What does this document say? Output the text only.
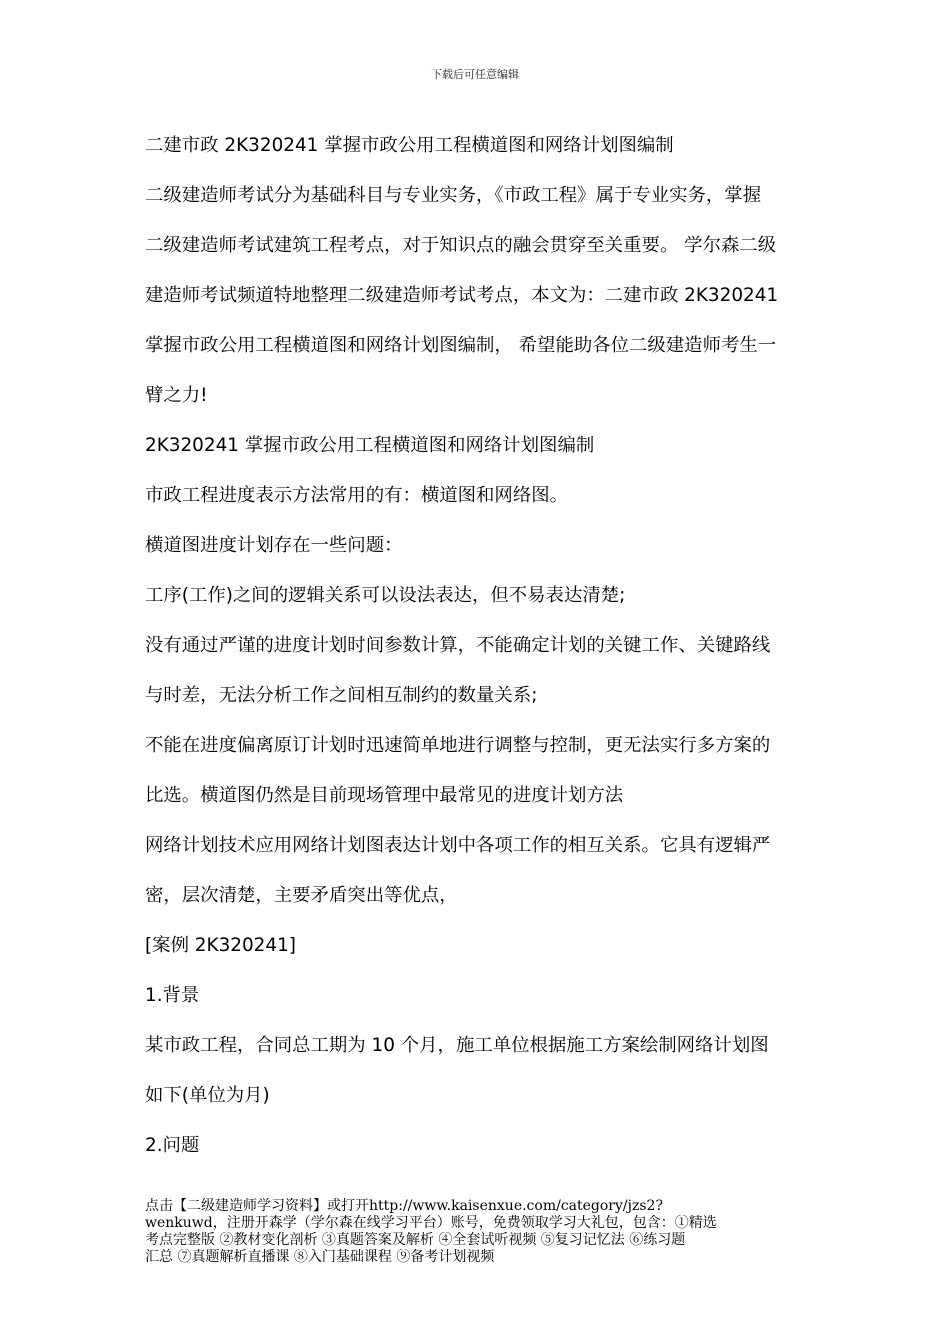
下载后可任意编辑
二建市政 2K320241 掌握市政公用工程横道图和网络计划图编制
二级建造师考试分为基础科目与专业实务，《市政工程》属于专业实务，掌握
二级建造师考试建筑工程考点，对于知识点的融会贯穿至关重要。 学尔森二级
建造师考试频道特地整理二级建造师考试考点，本文为：二建市政 2K320241
掌握市政公用工程横道图和网络计划图编制， 希望能助各位二级建造师考生一
臂之力!
2K320241 掌握市政公用工程横道图和网络计划图编制
市政工程进度表示方法常用的有：横道图和网络图。
横道图进度计划存在一些问题：
工序(工作)之间的逻辑关系可以设法表达，但不易表达清楚;
没有通过严谨的进度计划时间参数计算，不能确定计划的关键工作、关键路线
与时差，无法分析工作之间相互制约的数量关系;
不能在进度偏离原订计划时迅速简单地进行调整与控制，更无法实行多方案的
比选。横道图仍然是目前现场管理中最常见的进度计划方法
网络计划技术应用网络计划图表达计划中各项工作的相互关系。它具有逻辑严
密，层次清楚，主要矛盾突出等优点，
[案例 2K320241]
1.背景
某市政工程，合同总工期为 10 个月，施工单位根据施工方案绘制网络计划图
如下(单位为月)
2.问题
点击【二级建造师学习资料】或打开http://www.kaisenxue.com/category/jzs2?
wenkuwd，注册开森学（学尔森在线学习平台）账号，免费领取学习大礼包，包含：①精选
考点完整版 ②教材变化剖析 ③真题答案及解析 ④全套试听视频 ⑤复习记忆法 ⑥练习题
汇总 ⑦真题解析直播课 ⑧入门基础课程 ⑨备考计划视频
